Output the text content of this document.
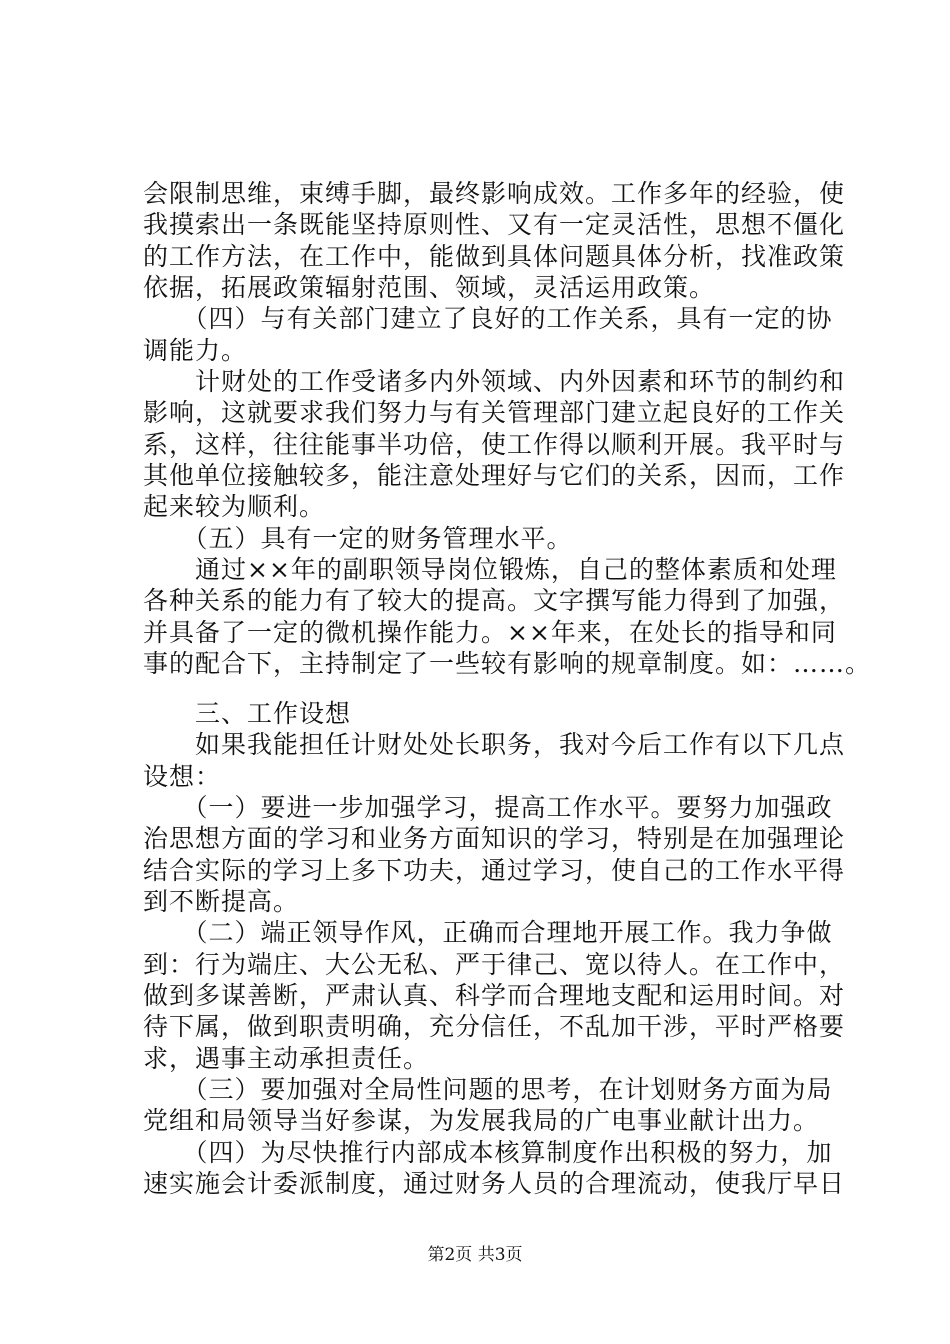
会限制思维，束缚手脚，最终影响成效。工作多年的经验，使
我摸索出一条既能坚持原则性、又有一定灵活性，思想不僵化
的工作方法，在工作中，能做到具体问题具体分析，找准政策
依据，拓展政策辐射范围、领域，灵活运用政策。
　　（四）与有关部门建立了良好的工作关系，具有一定的协
调能力。
　　计财处的工作受诸多内外领域、内外因素和环节的制约和
影响，这就要求我们努力与有关管理部门建立起良好的工作关
系，这样，往往能事半功倍，使工作得以顺利开展。我平时与
其他单位接触较多，能注意处理好与它们的关系，因而，工作
起来较为顺利。
　　（五）具有一定的财务管理水平。
　　通过××年的副职领导岗位锻炼，自己的整体素质和处理
各种关系的能力有了较大的提高。文字撰写能力得到了加强，
并具备了一定的微机操作能力。××年来，在处长的指导和同
事的配合下，主持制定了一些较有影响的规章制度。如：……。
　　三、工作设想
　　如果我能担任计财处处长职务，我对今后工作有以下几点
设想：
　　（一）要进一步加强学习，提高工作水平。要努力加强政
治思想方面的学习和业务方面知识的学习，特别是在加强理论
结合实际的学习上多下功夫，通过学习，使自己的工作水平得
到不断提高。
　　（二）端正领导作风，正确而合理地开展工作。我力争做
到：行为端庄、大公无私、严于律己、宽以待人。在工作中，
做到多谋善断，严肃认真、科学而合理地支配和运用时间。对
待下属，做到职责明确，充分信任，不乱加干涉，平时严格要
求，遇事主动承担责任。
　　（三）要加强对全局性问题的思考，在计划财务方面为局
党组和局领导当好参谋，为发展我局的广电事业献计出力。
　　（四）为尽快推行内部成本核算制度作出积极的努力，加
速实施会计委派制度，通过财务人员的合理流动，使我厅早日
第2页 共3页
